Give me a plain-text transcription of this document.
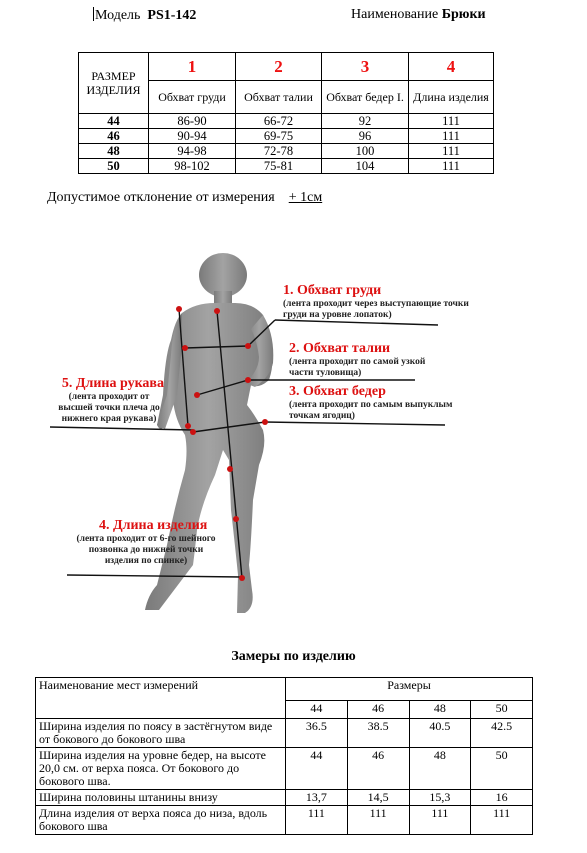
Модель PS1-142	Наименование Брюки
РАЗМЕР ИЗДЕЛИЯ	1	2	3	4
	Обхват груди	Обхват талии	Обхват бедер I.	Длина изделия
44	86-90	66-72	92	111
46	90-94	69-75	96	111
48	94-98	72-78	100	111
50	98-102	75-81	104	111
Допустимое отклонение от измерения + 1см
1. Обхват груди
(лента проходит через выступающие точки груди на уровне лопаток)
2. Обхват талии
(лента проходит по самой узкой части туловища)
3. Обхват бедер
(лента проходит по самым выпуклым точкам ягодиц)
5. Длина рукава
(лента проходит от высшей точки плеча до нижнего края рукава)
4. Длина изделия
(лента проходит от 6-го шейного позвонка до нижней точки изделия по спинке)
Замеры по изделию
Наименование мест измерений	Размеры			
	44	46	48	50
Ширина изделия по поясу в застёгнутом виде от бокового до бокового шва	36.5	38.5	40.5	42.5
Ширина изделия на уровне бедер, на высоте 20,0 см. от верха пояса. От бокового до бокового шва.	44	46	48	50
Ширина половины штанины внизу	13,7	14,5	15,3	16
Длина изделия от верха пояса до низа, вдоль бокового шва	111	111	111	111
